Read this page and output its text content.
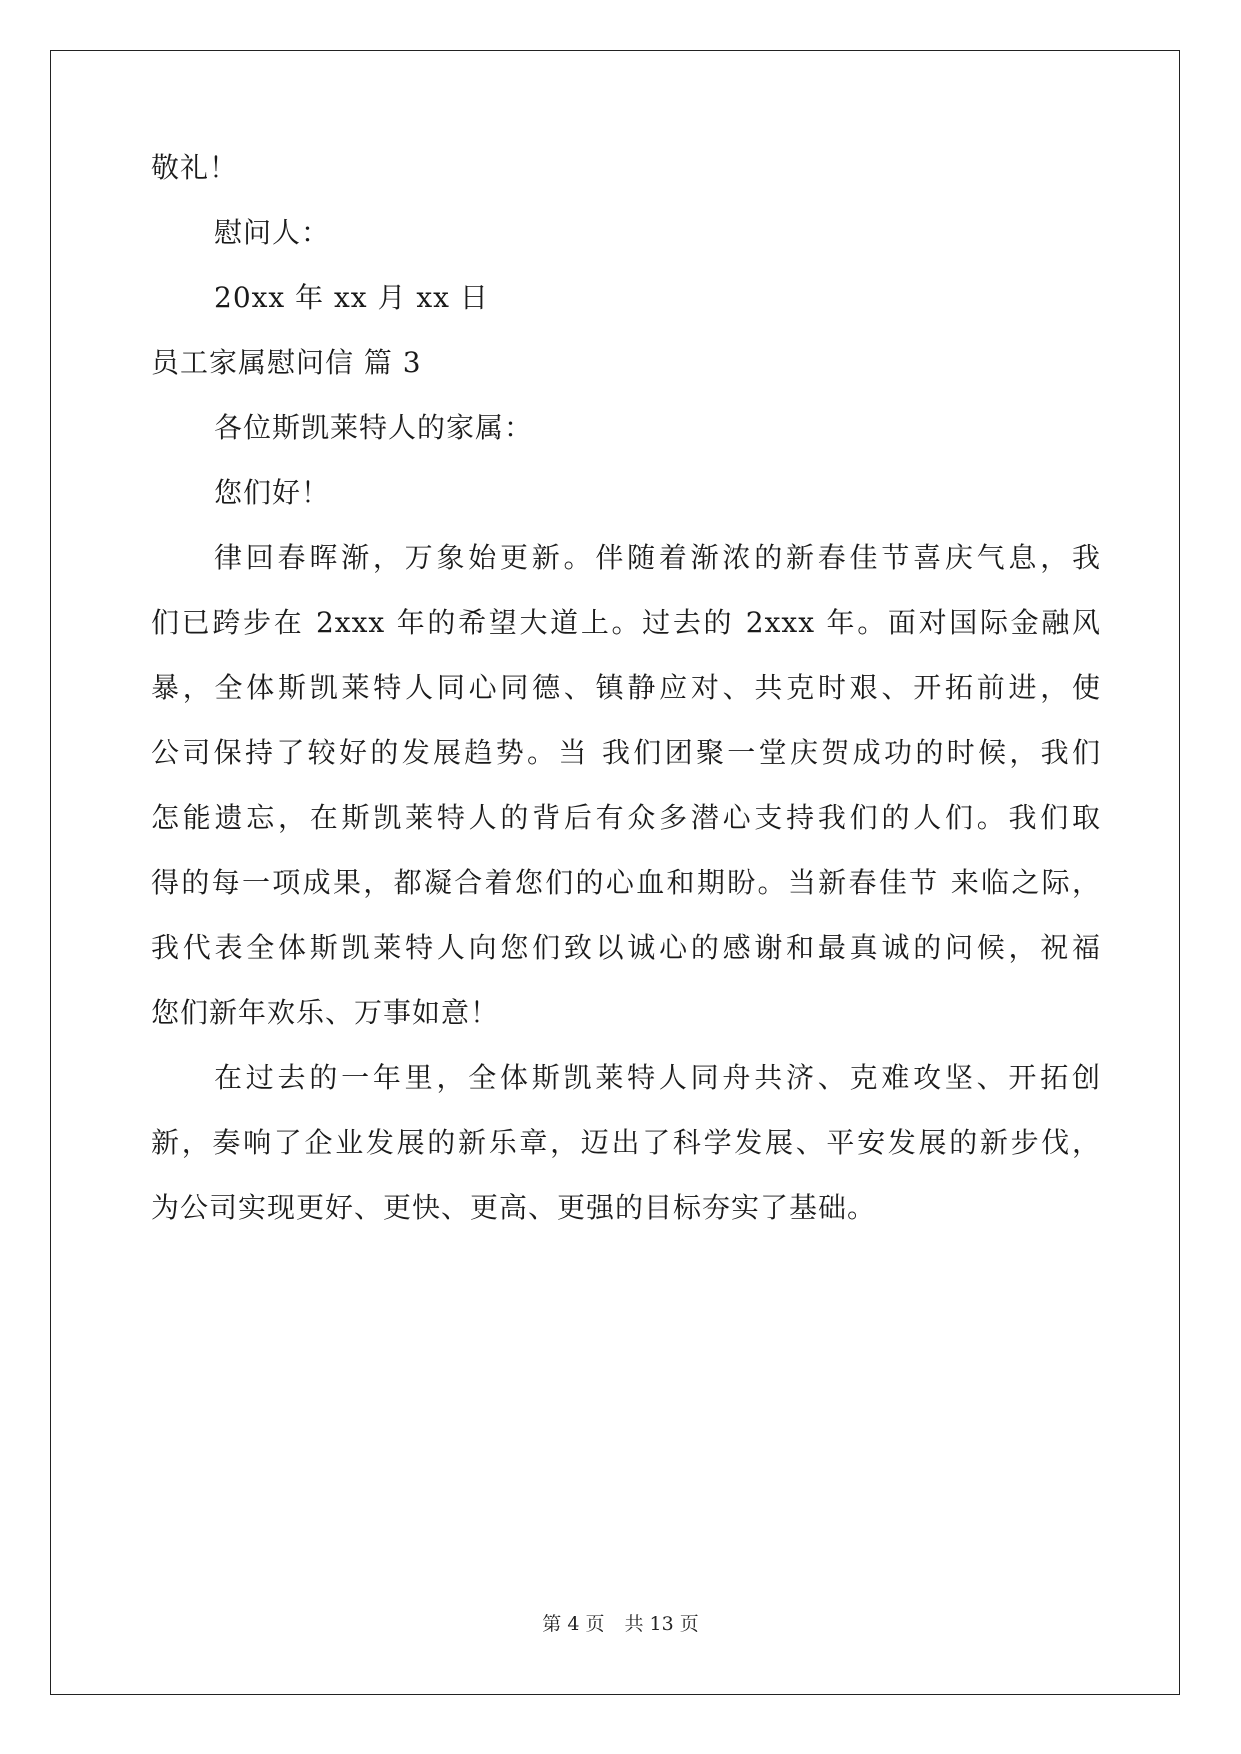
敬礼！
慰问人：
20xx 年 xx 月 xx 日
员工家属慰问信 篇 3
各位斯凯莱特人的家属：
您们好！
律回春晖渐，万象始更新。伴随着渐浓的新春佳节喜庆气息，我
们已跨步在 2xxx 年的希望大道上。过去的 2xxx 年。面对国际金融风
暴，全体斯凯莱特人同心同德、镇静应对、共克时艰、开拓前进，使
公司保持了较好的发展趋势。当 我们团聚一堂庆贺成功的时候，我们
怎能遗忘，在斯凯莱特人的背后有众多潜心支持我们的人们。我们取
得的每一项成果，都凝合着您们的心血和期盼。当新春佳节 来临之际，
我代表全体斯凯莱特人向您们致以诚心的感谢和最真诚的问候，祝福
您们新年欢乐、万事如意！
在过去的一年里，全体斯凯莱特人同舟共济、克难攻坚、开拓创
新，奏响了企业发展的新乐章，迈出了科学发展、平安发展的新步伐，
为公司实现更好、更快、更高、更强的目标夯实了基础。
第 4 页 共 13 页
